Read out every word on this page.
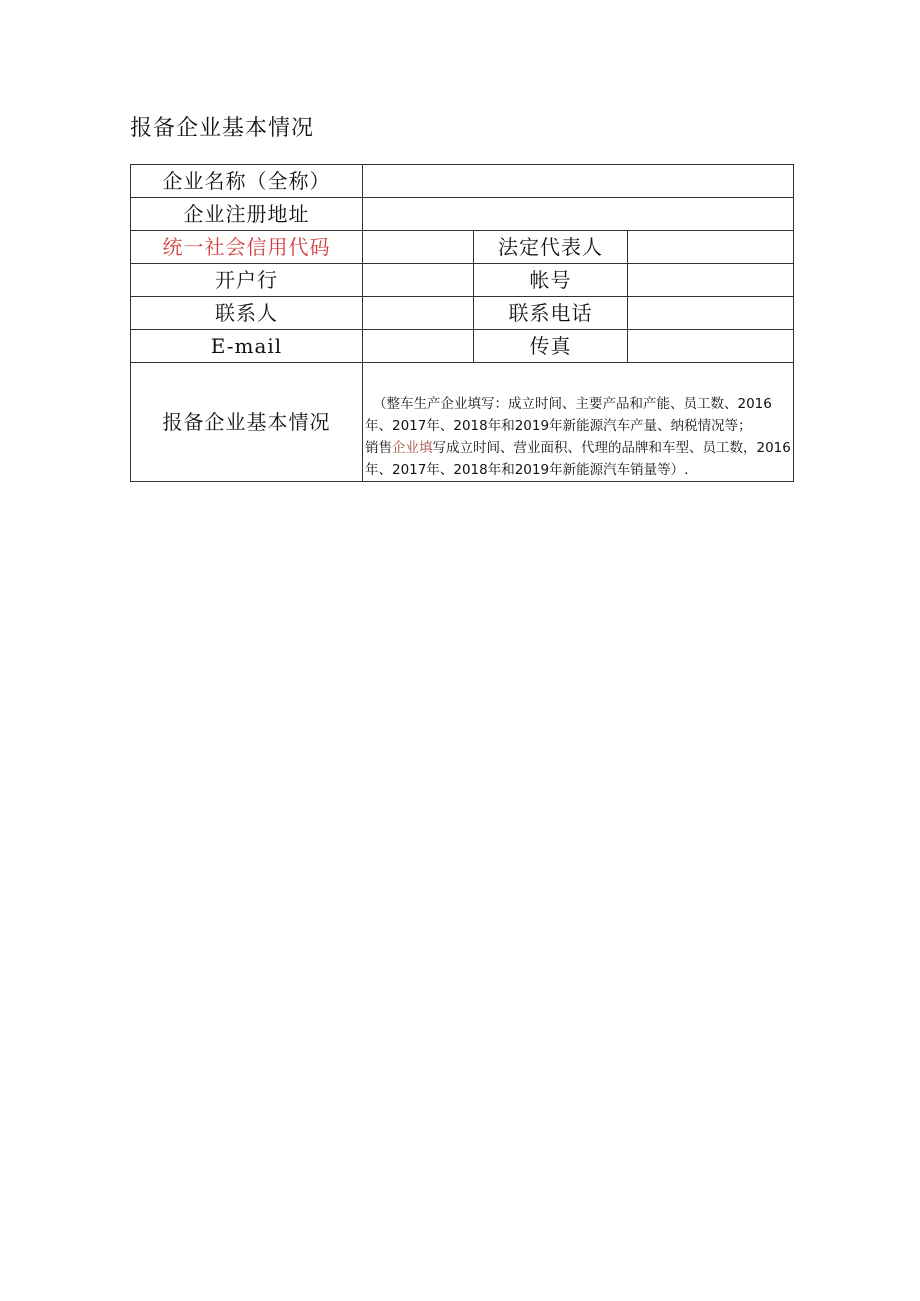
报备企业基本情况
企业名称（全称）			
企业注册地址			
统一社会信用代码		法定代表人	
开户行		帐号	
联系人		联系电话	
E-mail		传真	
报备企业基本情况	（整车生产企业填写：成立时间、主要产品和产能、员工数、2016年、2017年、2018年和2019年新能源汽车产量、纳税情况等；
销售企业填写成立时间、营业面积、代理的品牌和车型、员工数，2016年、2017年、2018年和2019年新能源汽车销量等）.		
